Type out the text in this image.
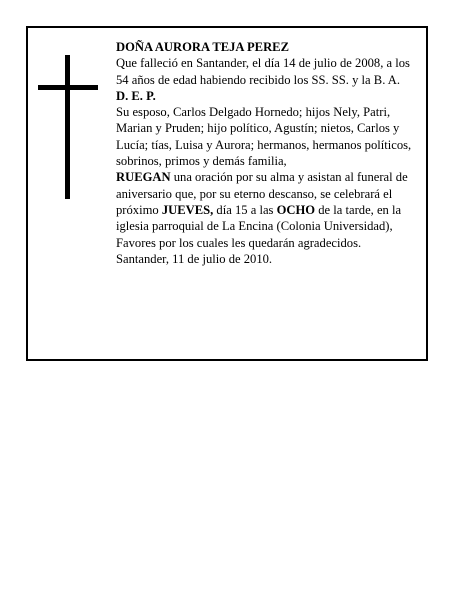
DOÑA AURORA TEJA PEREZ

Que falleció en Santander, el día 14 de julio de 2008, a los 54 años de edad habiendo recibido los SS. SS. y la B. A.

D. E. P.

Su esposo, Carlos Delgado Hornedo; hijos Nely, Patri, Marian y Pruden; hijo político, Agustín; nietos, Carlos y Lucía; tías, Luisa y Aurora; hermanos, hermanos políticos, sobrinos, primos y demás familia,

RUEGAN una oración por su alma y asistan al funeral de aniversario que, por su eterno descanso, se celebrará el próximo JUEVES, día 15 a las OCHO de la tarde, en la iglesia parroquial de La Encina (Colonia Universidad), Favores por los cuales les quedarán agradecidos.

Santander, 11 de julio de 2010.
